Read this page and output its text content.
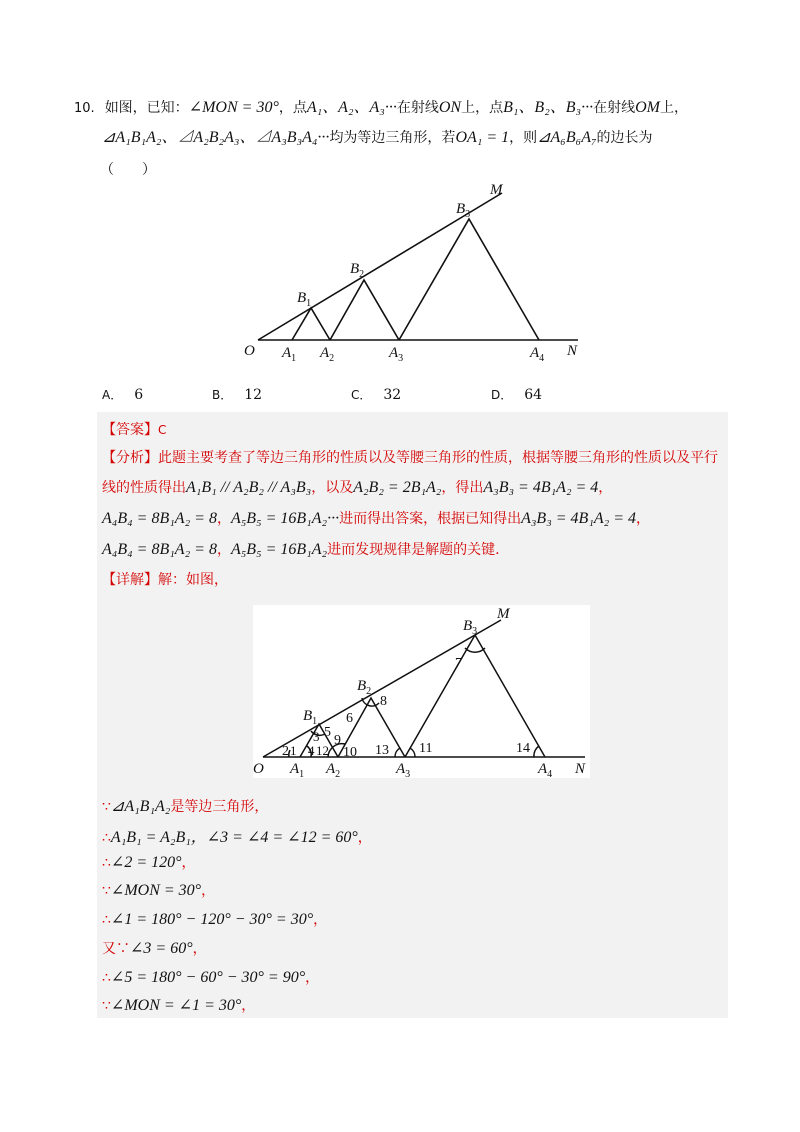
10. 如图，已知：∠MON = 30°，点A₁、A₂、A₃···在射线ON上，点B₁、B₂、B₃···在射线OM上，
⊿A₁B₁A₂、⊿A₂B₂A₃、⊿A₃B₃A₄···均为等边三角形，若OA₁ = 1，则⊿A₆B₆A₇的边长为
（　　）
O	N
M
$A_1$ $A_2$	$A_3$	$A_4$
$B_1$
$B_2$
$B_3$
A． 6	B． 12	C． 32	D． 64
【答案】C
【分析】此题主要考查了等边三角形的性质以及等腰三角形的性质，根据等腰三角形的性质以及平行
线的性质得出A₁B₁ // A₂B₂ // A₃B₃，以及A₂B₂ = 2B₁A₂，得出A₃B₃ = 4B₁A₂ = 4，
A₄B₄ = 8B₁A₂ = 8，A₅B₅ = 16B₁A₂···进而得出答案，根据已知得出A₃B₃ = 4B₁A₂ = 4，
A₄B₄ = 8B₁A₂ = 8，A₅B₅ = 16B₁A₂进而发现规律是解题的关键.
【详解】解：如图，
O	N
M
$A_1$ $A_2$	$A_3$	$A_4$
$B_1$
$B_2$
$B_3$
1
2
3
4
5
6
7
8
9
10	11
12	13	14
∵⊿A₁B₁A₂是等边三角形，
∴A₁B₁ = A₂B₁，∠3 = ∠4 = ∠12 = 60°，
∴∠2 = 120°，
∵∠MON = 30°，
∴∠1 = 180° − 120° − 30° = 30°，
又∵∠3 = 60°，
∴∠5 = 180° − 60° − 30° = 90°，
∵∠MON = ∠1 = 30°，
